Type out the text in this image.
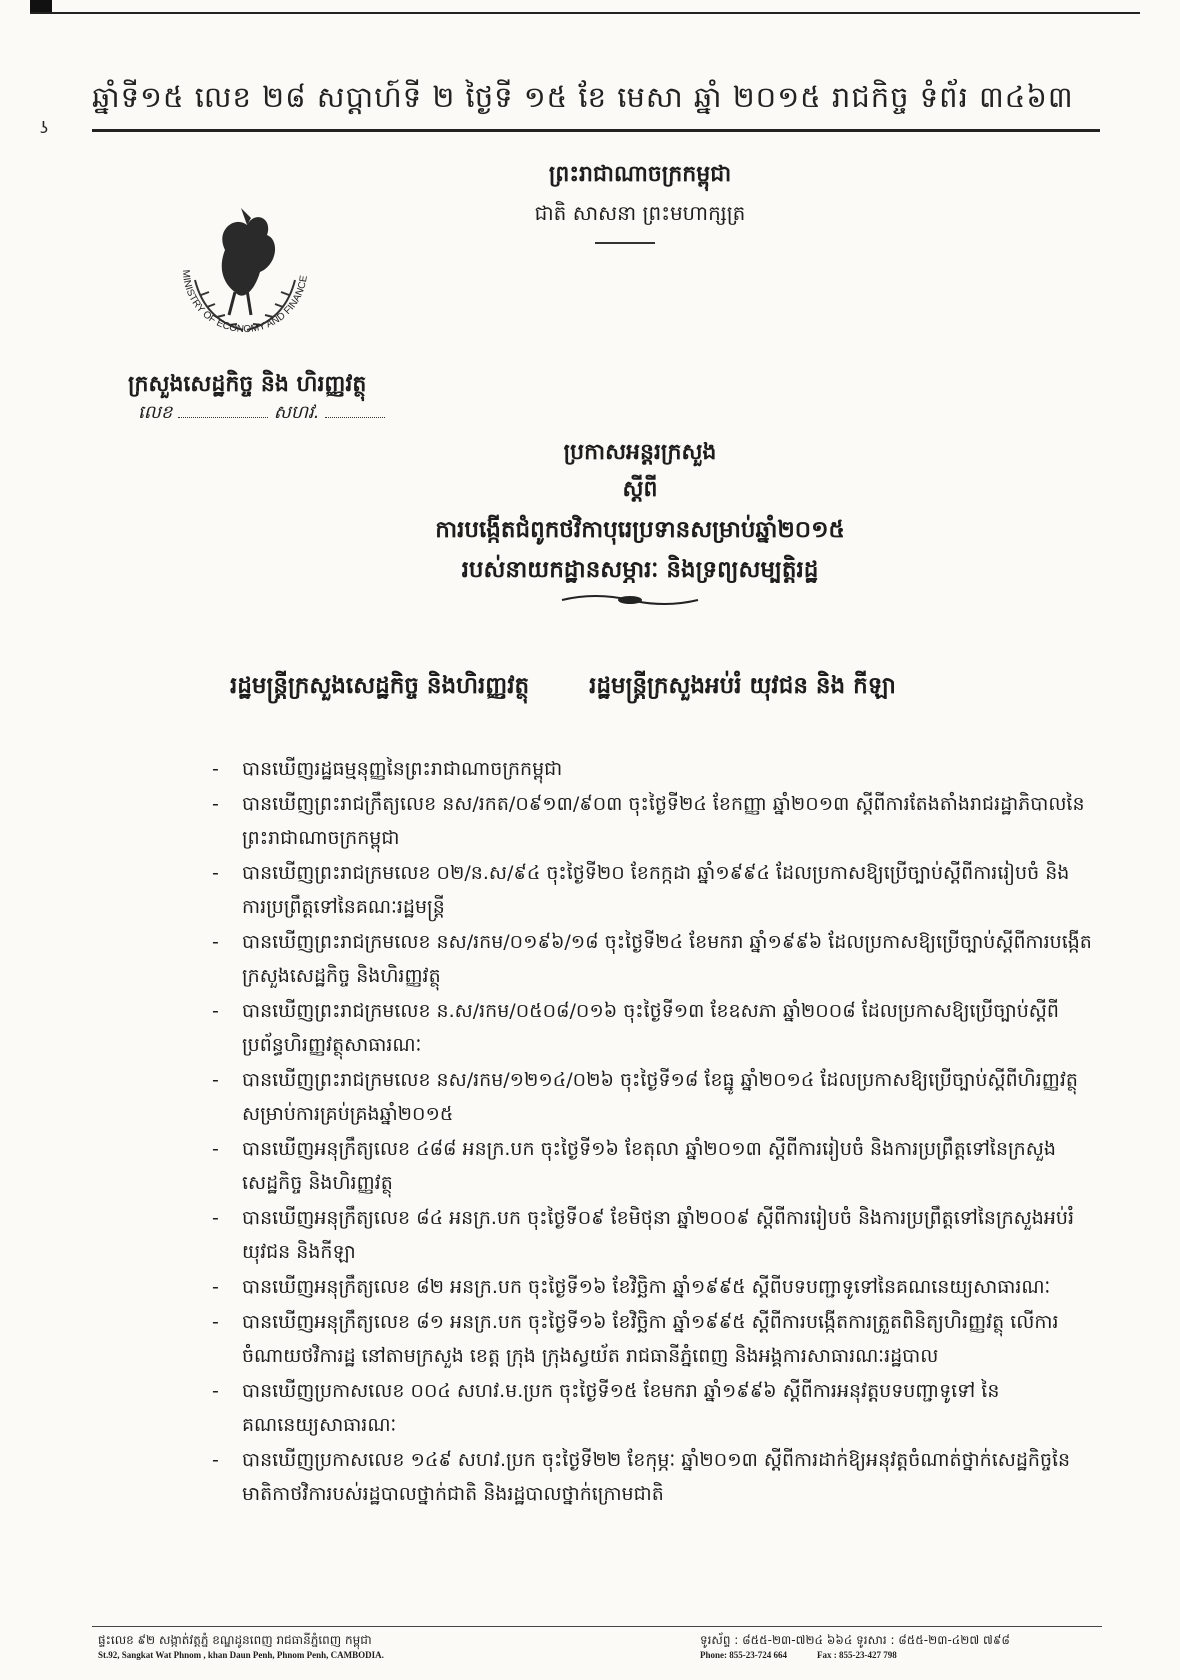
ឆ្នាំទី១៥ លេខ ២៨ សប្តាហ៍ទី ២ ថ្ងៃទី ១៥ ខែ មេសា ឆ្នាំ ២០១៥ រាជកិច្ច ទំព័រ ៣៤៦៣
ʖ
ព្រះរាជាណាចក្រកម្ពុជា
ជាតិ សាសនា ព្រះមហាក្សត្រ
MINISTRY OF ECONOMY AND FINANCE
ក្រសួងសេដ្ឋកិច្ច និង ហិរញ្ញវត្ថុ
លេខ	សហវ.
ប្រកាសអន្តរក្រសួង
ស្តីពី
ការបង្កើតជំពូកថវិកាបុរេប្រទានសម្រាប់ឆ្នាំ២០១៥
របស់នាយកដ្ឋានសម្ភារៈ និងទ្រព្យសម្បត្តិរដ្ឋ
រដ្ឋមន្ត្រីក្រសួងសេដ្ឋកិច្ច និងហិរញ្ញវត្ថុ	រដ្ឋមន្ត្រីក្រសួងអប់រំ យុវជន និង កីឡា
- បានឃើញរដ្ឋធម្មនុញ្ញនៃព្រះរាជាណាចក្រកម្ពុជា
- បានឃើញព្រះរាជក្រឹត្យលេខ នស/រកត/០៩១៣/៩០៣ ចុះថ្ងៃទី២៤ ខែកញ្ញា ឆ្នាំ២០១៣ ស្តីពីការតែងតាំងរាជរដ្ឋាភិបាលនៃព្រះរាជាណាចក្រកម្ពុជា
- បានឃើញព្រះរាជក្រមលេខ ០២/ន.ស/៩៤ ចុះថ្ងៃទី២០ ខែកក្កដា ឆ្នាំ១៩៩៤ ដែលប្រកាសឱ្យប្រើច្បាប់ស្តីពីការរៀបចំ និងការប្រព្រឹត្តទៅនៃគណៈរដ្ឋមន្ត្រី
- បានឃើញព្រះរាជក្រមលេខ នស/រកម/០១៩៦/១៨ ចុះថ្ងៃទី២៤ ខែមករា ឆ្នាំ១៩៩៦ ដែលប្រកាសឱ្យប្រើច្បាប់ស្តីពីការបង្កើតក្រសួងសេដ្ឋកិច្ច និងហិរញ្ញវត្ថុ
- បានឃើញព្រះរាជក្រមលេខ ន.ស/រកម/០៥០៨/០១៦ ចុះថ្ងៃទី១៣ ខែឧសភា ឆ្នាំ២០០៨ ដែលប្រកាសឱ្យប្រើច្បាប់ស្តីពីប្រព័ន្ធហិរញ្ញវត្ថុសាធារណៈ
- បានឃើញព្រះរាជក្រមលេខ នស/រកម/១២១៤/០២៦ ចុះថ្ងៃទី១៨ ខែធ្នូ ឆ្នាំ២០១៤ ដែលប្រកាសឱ្យប្រើច្បាប់ស្តីពីហិរញ្ញវត្ថុសម្រាប់ការគ្រប់គ្រងឆ្នាំ២០១៥
- បានឃើញអនុក្រឹត្យលេខ ៤៨៨ អនក្រ.បក ចុះថ្ងៃទី១៦ ខែតុលា ឆ្នាំ២០១៣ ស្តីពីការរៀបចំ និងការប្រព្រឹត្តទៅនៃក្រសួងសេដ្ឋកិច្ច និងហិរញ្ញវត្ថុ
- បានឃើញអនុក្រឹត្យលេខ ៨៤ អនក្រ.បក ចុះថ្ងៃទី០៩ ខែមិថុនា ឆ្នាំ២០០៩ ស្តីពីការរៀបចំ និងការប្រព្រឹត្តទៅនៃក្រសួងអប់រំ យុវជន និងកីឡា
- បានឃើញអនុក្រឹត្យលេខ ៨២ អនក្រ.បក ចុះថ្ងៃទី១៦ ខែវិច្ឆិកា ឆ្នាំ១៩៩៥ ស្តីពីបទបញ្ជាទូទៅនៃគណនេយ្យសាធារណៈ
- បានឃើញអនុក្រឹត្យលេខ ៨១ អនក្រ.បក ចុះថ្ងៃទី១៦ ខែវិច្ឆិកា ឆ្នាំ១៩៩៥ ស្តីពីការបង្កើតការត្រួតពិនិត្យហិរញ្ញវត្ថុ លើការចំណាយថវិការដ្ឋ នៅតាមក្រសួង ខេត្ត ក្រុង ក្រុងស្វយ័ត រាជធានីភ្នំពេញ និងអង្គការសាធារណៈរដ្ឋបាល
- បានឃើញប្រកាសលេខ ០០៤ សហវ.ម.ប្រក ចុះថ្ងៃទី១៥ ខែមករា ឆ្នាំ១៩៩៦ ស្តីពីការអនុវត្តបទបញ្ជាទូទៅ នៃគណនេយ្យសាធារណៈ
- បានឃើញប្រកាសលេខ ១៤៩ សហវ.ប្រក ចុះថ្ងៃទី២២ ខែកុម្ភៈ ឆ្នាំ២០១៣ ស្តីពីការដាក់ឱ្យអនុវត្តចំណាត់ថ្នាក់សេដ្ឋកិច្ចនៃមាតិកាថវិការបស់រដ្ឋបាលថ្នាក់ជាតិ និងរដ្ឋបាលថ្នាក់ក្រោមជាតិ
ផ្ទះលេខ ៩២ សង្កាត់វត្តភ្នំ ខណ្ឌដូនពេញ រាជធានីភ្នំពេញ កម្ពុជា
St.92, Sangkat Wat Phnom , khan Daun Penh, Phnom Penh, CAMBODIA.
ទូរស័ព្ទ : ៨៥៥-២៣-៧២៤ ៦៦៤ ទូរសារ : ៨៥៥-២៣-៤២៧ ៧៩៨
Phone: 855-23-724 664	Fax : 855-23-427 798
